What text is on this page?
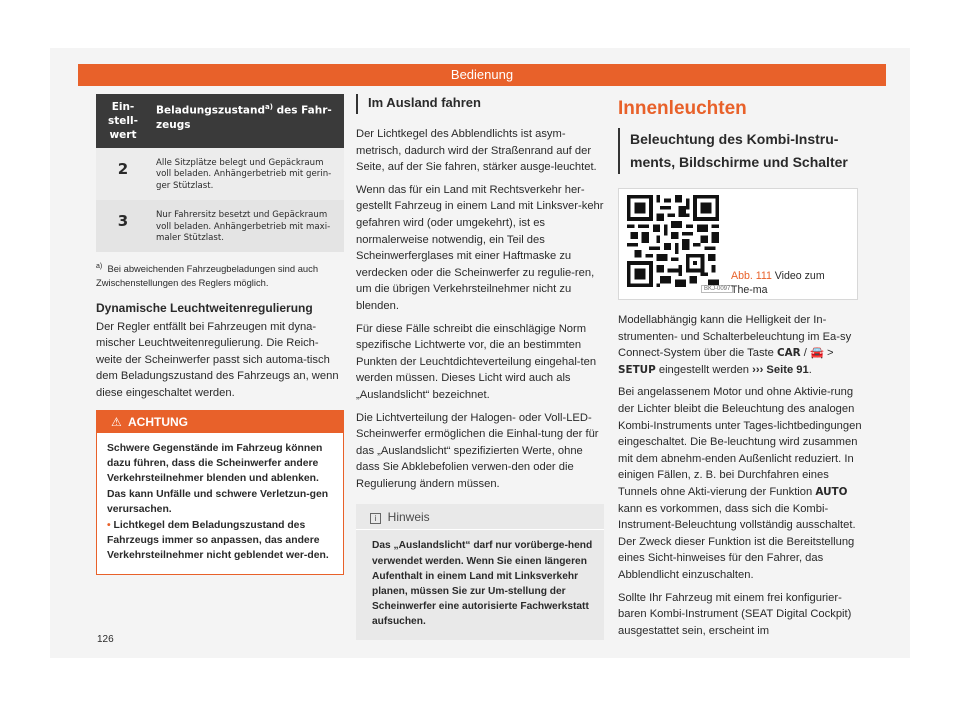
Bedienung
Ein-
stell-
wert	Beladungszustand$^{a)}$ des Fahr-
zeugs
2	Alle Sitzplätze belegt und Gepäckraum voll beladen. Anhängerbetrieb mit gerin-ger Stützlast.
3	Nur Fahrersitz besetzt und Gepäckraum voll beladen. Anhängerbetrieb mit maxi-maler Stützlast.
$^{a)}$ Bei abweichenden Fahrzeugbeladungen sind auch Zwischenstellungen des Reglers möglich.
Dynamische Leuchtweitenregulierung

Der Regler entfällt bei Fahrzeugen mit dyna-mischer Leuchtweitenregulierung. Die Reich-weite der Scheinwerfer passt sich automa-tisch dem Beladungszustand des Fahrzeugs an, wenn diese eingeschaltet werden.

⚠ ACHTUNG
Schwere Gegenstände im Fahrzeug können dazu führen, dass die Scheinwerfer andere Verkehrsteilnehmer blenden und ablenken. Das kann Unfälle und schwere Verletzun-gen verursachen.
• Lichtkegel dem Beladungszustand des Fahrzeugs immer so anpassen, das andere Verkehrsteilnehmer nicht geblendet wer-den.
Im Ausland fahren

Der Lichtkegel des Abblendlichts ist asym-metrisch, dadurch wird der Straßenrand auf der Seite, auf der Sie fahren, stärker ausge-leuchtet.

Wenn das für ein Land mit Rechtsverkehr her-gestellt Fahrzeug in einem Land mit Linksver-kehr gefahren wird (oder umgekehrt), ist es normalerweise notwendig, ein Teil des Scheinwerferglases mit einer Haftmaske zu verdecken oder die Scheinwerfer zu regulie-ren, um die übrigen Verkehrsteilnehmer nicht zu blenden.

Für diese Fälle schreibt die einschlägige Norm spezifische Lichtwerte vor, die an bestimmten Punkten der Leuchtdichteverteilung eingehal-ten werden müssen. Dieses Licht wird auch als „Auslandslicht“ bezeichnet.

Die Lichtverteilung der Halogen- oder Voll-LED-Scheinwerfer ermöglichen die Einhal-tung der für das „Auslandslicht“ spezifizierten Werte, ohne dass Sie Abklebefolien verwen-den oder die Regulierung ändern müssen.

i Hinweis
Das „Auslandslicht“ darf nur vorüberge-hend verwendet werden. Wenn Sie einen längeren Aufenthalt in einem Land mit Linksverkehr planen, müssen Sie zur Um-stellung der Scheinwerfer eine autorisierte Fachwerkstatt aufsuchen.
Innenleuchten
Beleuchtung des Kombi-Instru-ments, Bildschirme und Schalter
BKJ-0097
Abb. 111 Video zum The-ma

Modellabhängig kann die Helligkeit der In-strumenten- und Schalterbeleuchtung im Ea-sy Connect-System über die Taste CAR / 🚘 > SETUP eingestellt werden ››› Seite 91.

Bei angelassenem Motor und ohne Aktivie-rung der Lichter bleibt die Beleuchtung des analogen Kombi-Instruments unter Tages-lichtbedingungen eingeschaltet. Die Be-leuchtung wird zusammen mit dem abnehm-enden Außenlicht reduziert. In einigen Fällen, z. B. bei Durchfahren eines Tunnels ohne Akti-vierung der Funktion AUTO kann es vorkommen, dass sich die Kombi-Instrument-Beleuchtung vollständig ausschaltet. Der Zweck dieser Funktion ist die Bereitstellung eines Sicht-hinweises für den Fahrer, das Abblendlicht einzuschalten.

Sollte Ihr Fahrzeug mit einem frei konfigurier-baren Kombi-Instrument (SEAT Digital Cockpit) ausgestattet sein, erscheint im

126
